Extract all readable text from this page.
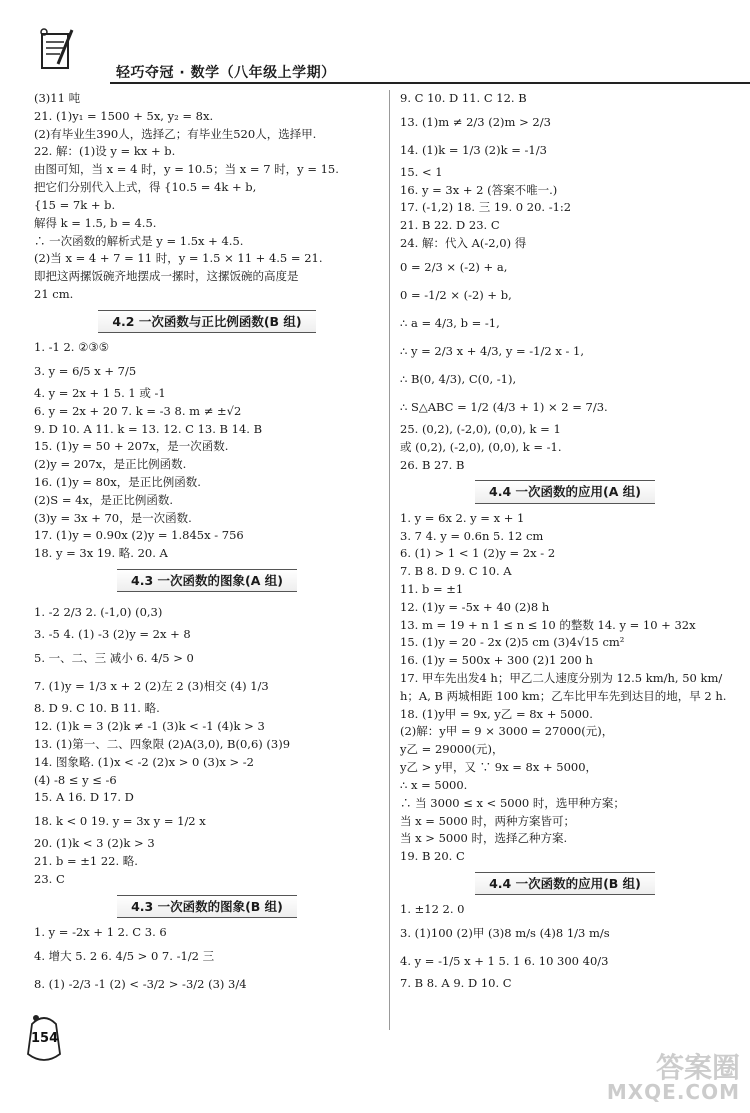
轻巧夺冠 · 数学（八年级上学期）
(3)11 吨
21. (1)y₁ = 1500 + 5x, y₂ = 8x.
(2)有毕业生390人，选择乙；有毕业生520人，选择甲.
22. 解：(1)设 y = kx + b.
由图可知，当 x = 4 时，y = 10.5；当 x = 7 时，y = 15.
把它们分别代入上式，得 {10.5 = 4k + b,
{15 = 7k + b.
解得 k = 1.5, b = 4.5.
∴ 一次函数的解析式是 y = 1.5x + 4.5.
(2)当 x = 4 + 7 = 11 时，y = 1.5 × 11 + 4.5 = 21.
即把这两摞饭碗齐地摆成一摞时，这摞饭碗的高度是
21 cm.
4.2 一次函数与正比例函数(B 组)
1. -1 2. ②③⑤
3. y = 6/5 x + 7/5
4. y = 2x + 1 5. 1 或 -1
6. y = 2x + 20 7. k = -3 8. m ≠ ±√2
9. D 10. A 11. k = 13. 12. C 13. B 14. B
15. (1)y = 50 + 207x，是一次函数.
(2)y = 207x，是正比例函数.
16. (1)y = 80x，是正比例函数.
(2)S = 4x，是正比例函数.
(3)y = 3x + 70，是一次函数.
17. (1)y = 0.90x (2)y = 1.845x - 756
18. y = 3x 19. 略. 20. A
4.3 一次函数的图象(A 组)
1. -2 2/3 2. (-1,0) (0,3)
3. -5 4. (1) -3 (2)y = 2x + 8
5. 一、二、三 减小 6. 4/5 > 0
7. (1)y = 1/3 x + 2 (2)左 2 (3)相交 (4) 1/3
8. D 9. C 10. B 11. 略.
12. (1)k = 3 (2)k ≠ -1 (3)k < -1 (4)k > 3
13. (1)第一、二、四象限 (2)A(3,0), B(0,6) (3)9
14. 图象略. (1)x < -2 (2)x > 0 (3)x > -2
(4) -8 ≤ y ≤ -6
15. A 16. D 17. D
18. k < 0 19. y = 3x y = 1/2 x
20. (1)k < 3 (2)k > 3
21. b = ±1 22. 略.
23. C
4.3 一次函数的图象(B 组)
1. y = -2x + 1 2. C 3. 6
4. 增大 5. 2 6. 4/5 > 0 7. -1/2 三
8. (1) -2/3 -1 (2) < -3/2 > -3/2 (3) 3/4
9. C 10. D 11. C 12. B
13. (1)m ≠ 2/3 (2)m > 2/3
14. (1)k = 1/3 (2)k = -1/3
15. < 1
16. y = 3x + 2 (答案不唯一.)
17. (-1,2) 18. 三 19. 0 20. -1:2
21. B 22. D 23. C
24. 解：代入 A(-2,0) 得
0 = 2/3 × (-2) + a,
0 = -1/2 × (-2) + b,
∴ a = 4/3, b = -1,
∴ y = 2/3 x + 4/3, y = -1/2 x - 1,
∴ B(0, 4/3), C(0, -1),
∴ S△ABC = 1/2 (4/3 + 1) × 2 = 7/3.
25. (0,2), (-2,0), (0,0), k = 1
或 (0,2), (-2,0), (0,0), k = -1.
26. B 27. B
4.4 一次函数的应用(A 组)
1. y = 6x 2. y = x + 1
3. 7 4. y = 0.6n 5. 12 cm
6. (1) > 1 < 1 (2)y = 2x - 2
7. B 8. D 9. C 10. A
11. b = ±1
12. (1)y = -5x + 40 (2)8 h
13. m = 19 + n 1 ≤ n ≤ 10 的整数 14. y = 10 + 32x
15. (1)y = 20 - 2x (2)5 cm (3)4√15 cm²
16. (1)y = 500x + 300 (2)1 200 h
17. 甲车先出发4 h；甲乙二人速度分别为 12.5 km/h, 50 km/
h；A, B 两城相距 100 km；乙车比甲车先到达目的地，早 2 h.
18. (1)y甲 = 9x, y乙 = 8x + 5000.
(2)解：y甲 = 9 × 3000 = 27000(元)，
y乙 = 29000(元)，
y乙 > y甲，又 ∵ 9x = 8x + 5000，
∴ x = 5000.
∴ 当 3000 ≤ x < 5000 时，选甲种方案；
当 x = 5000 时，两种方案皆可；
当 x > 5000 时，选择乙种方案.
19. B 20. C
4.4 一次函数的应用(B 组)
1. ±12 2. 0
3. (1)100 (2)甲 (3)8 m/s (4)8 1/3 m/s
4. y = -1/5 x + 1 5. 1 6. 10 300 40/3
7. B 8. A 9. D 10. C
154
答案圈
MXQE.COM
